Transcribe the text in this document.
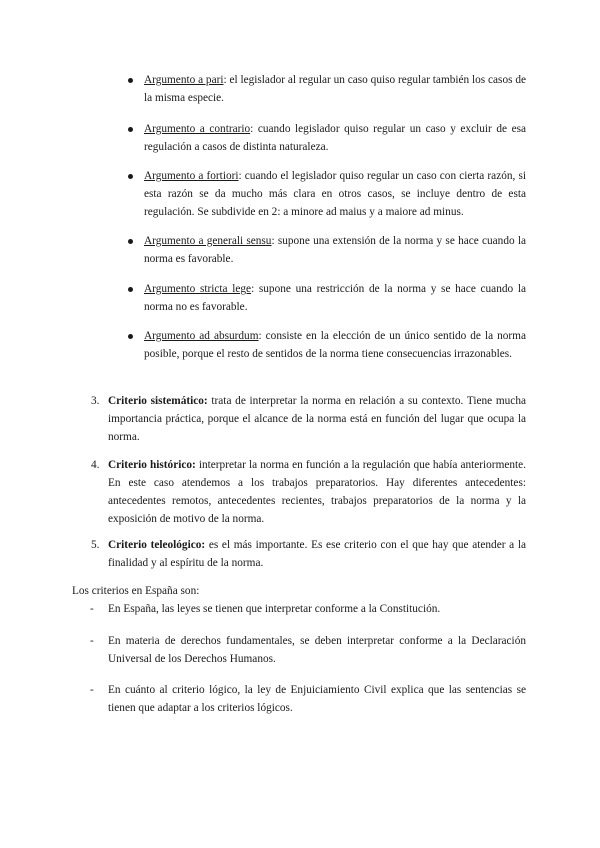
Argumento a pari: el legislador al regular un caso quiso regular también los casos de la misma especie.
Argumento a contrario: cuando legislador quiso regular un caso y excluir de esa regulación a casos de distinta naturaleza.
Argumento a fortiori: cuando el legislador quiso regular un caso con cierta razón, si esta razón se da mucho más clara en otros casos, se incluye dentro de esta regulación. Se subdivide en 2: a minore ad maius y a maiore ad minus.
Argumento a generali sensu: supone una extensión de la norma y se hace cuando la norma es favorable.
Argumento stricta lege: supone una restricción de la norma y se hace cuando la norma no es favorable.
Argumento ad absurdum: consiste en la elección de un único sentido de la norma posible, porque el resto de sentidos de la norma tiene consecuencias irrazonables.
3. Criterio sistemático: trata de interpretar la norma en relación a su contexto. Tiene mucha importancia práctica, porque el alcance de la norma está en función del lugar que ocupa la norma.
4. Criterio histórico: interpretar la norma en función a la regulación que había anteriormente. En este caso atendemos a los trabajos preparatorios. Hay diferentes antecedentes: antecedentes remotos, antecedentes recientes, trabajos preparatorios de la norma y la exposición de motivo de la norma.
5. Criterio teleológico: es el más importante. Es ese criterio con el que hay que atender a la finalidad y al espíritu de la norma.
Los criterios en España son:
- En España, las leyes se tienen que interpretar conforme a la Constitución.
- En materia de derechos fundamentales, se deben interpretar conforme a la Declaración Universal de los Derechos Humanos.
- En cuánto al criterio lógico, la ley de Enjuiciamiento Civil explica que las sentencias se tienen que adaptar a los criterios lógicos.
